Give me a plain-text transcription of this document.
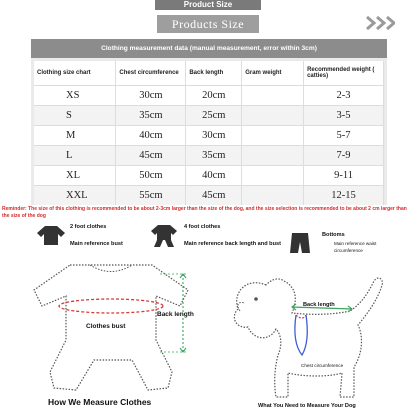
Product Size
Products Size
Clothing measurement data (manual measurement, error within 3cm)
Clothing size chart	Chest circumference	Back length	Gram weight	Recommended weight ( catties)
XS	30cm	20cm		2-3
S	35cm	25cm		3-5
M	40cm	30cm		5-7
L	45cm	35cm		7-9
XL	50cm	40cm		9-11
XXL	55cm	45cm		12-15
Reminder: The size of this clothing is recommended to be about 2-3cm larger than the size of the dog, and the size selection is recommended to be about 2 cm larger than the size of the dog
2 foot clothes
Main reference bust
4 foot clothes
Main reference back length and bust
Bottoms
Main reference waist circumference
Clothes bust
Back length
How We Measure Clothes
Back length
Chest circumference
What You Need to Measure Your Dog
